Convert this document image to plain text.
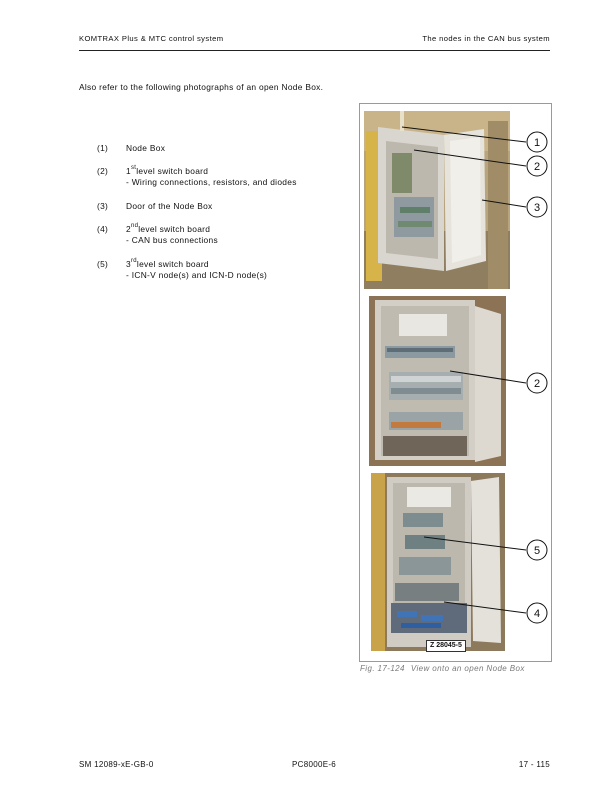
KOMTRAX Plus & MTC control system	The nodes in the CAN bus system
Also refer to the following photographs of an open Node Box.
(1) Node Box
(2) 1stlevel switch board
- Wiring connections, resistors, and diodes
(3) Door of the Node Box
(4) 2ndlevel switch board
- CAN bus connections
(5) 3rdlevel switch board
- ICN-V node(s) and ICN-D node(s)
1
2
3
2
5
4
Z 28045-5
Fig. 17-124 View onto an open Node Box
SM 12089-xE-GB-0	PC8000E-6	17 - 115
